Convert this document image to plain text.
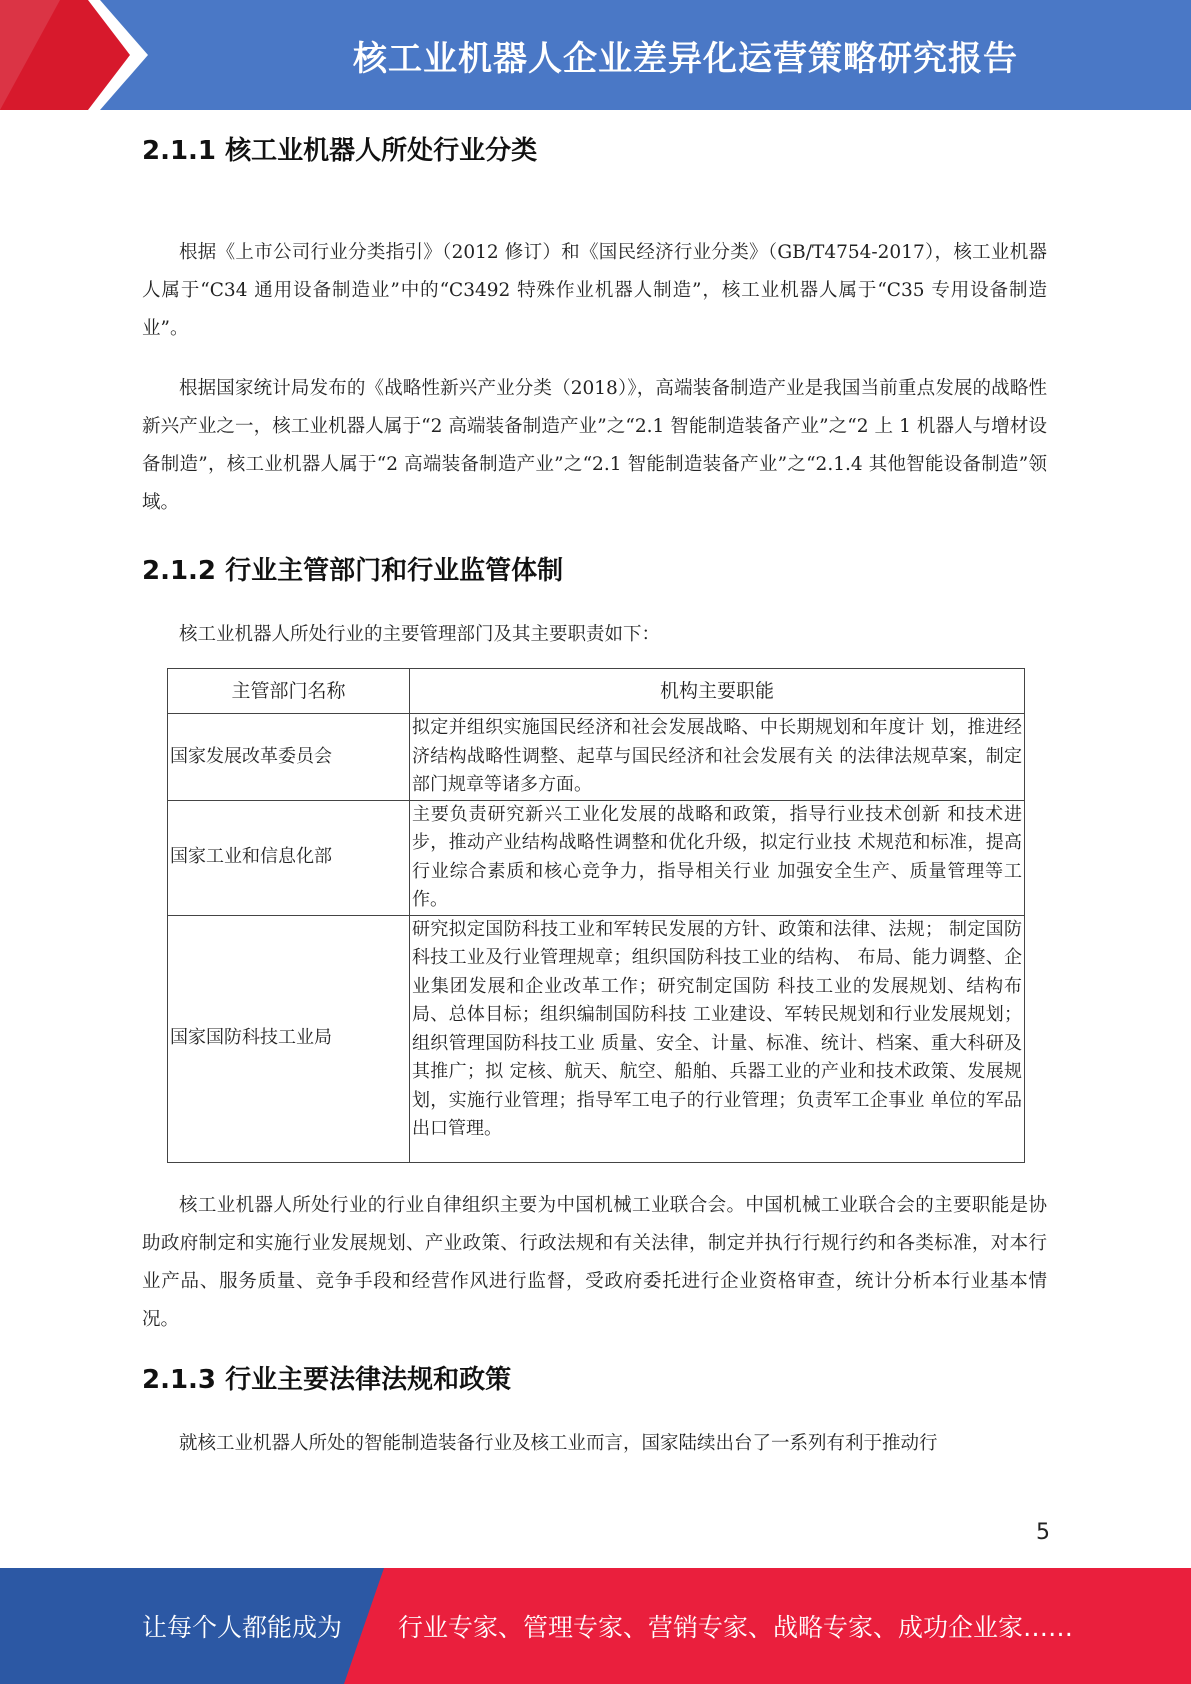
核工业机器人企业差异化运营策略研究报告
2.1.1 核工业机器人所处行业分类

根据《上市公司行业分类指引》（2012 修订）和《国民经济行业分类》（GB/T4754-2017），核工业机器人属于“C34 通用设备制造业”中的“C3492 特殊作业机器人制造”，核工业机器人属于“C35 专用设备制造业”。

根据国家统计局发布的《战略性新兴产业分类（2018）》，高端装备制造产业是我国当前重点发展的战略性新兴产业之一，核工业机器人属于“2 高端装备制造产业”之“2.1 智能制造装备产业”之“2 上 1 机器人与增材设备制造”，核工业机器人属于“2 高端装备制造产业”之“2.1 智能制造装备产业”之“2.1.4 其他智能设备制造”领域。

2.1.2 行业主管部门和行业监管体制

核工业机器人所处行业的主要管理部门及其主要职责如下：

主管部门名称	机构主要职能
国家发展改革委员会	拟定并组织实施国民经济和社会发展战略、中长期规划和年度计 划，推进经济结构战略性调整、起草与国民经济和社会发展有关 的法律法规草案，制定部门规章等诸多方面。
国家工业和信息化部	主要负责研究新兴工业化发展的战略和政策，指导行业技术创新 和技术进步，推动产业结构战略性调整和优化升级，拟定行业技 术规范和标准，提高行业综合素质和核心竞争力，指导相关行业 加强安全生产、质量管理等工作。
国家国防科技工业局	研究拟定国防科技工业和军转民发展的方针、政策和法律、法规； 制定国防科技工业及行业管理规章；组织国防科技工业的结构、 布局、能力调整、企业集团发展和企业改革工作；研究制定国防 科技工业的发展规划、结构布局、总体目标；组织编制国防科技 工业建设、军转民规划和行业发展规划；组织管理国防科技工业 质量、安全、计量、标准、统计、档案、重大科研及其推广；拟 定核、航天、航空、船舶、兵器工业的产业和技术政策、发展规 划，实施行业管理；指导军工电子的行业管理；负责军工企事业 单位的军品出口管理。

核工业机器人所处行业的行业自律组织主要为中国机械工业联合会。中国机械工业联合会的主要职能是协助政府制定和实施行业发展规划、产业政策、行政法规和有关法律，制定并执行行规行约和各类标准，对本行业产品、服务质量、竞争手段和经营作风进行监督，受政府委托进行企业资格审查，统计分析本行业基本情况。

2.1.3 行业主要法律法规和政策

就核工业机器人所处的智能制造装备行业及核工业而言，国家陆续出台了一系列有利于推动行

5
让每个人都能成为 行业专家、管理专家、营销专家、战略专家、成功企业家……
